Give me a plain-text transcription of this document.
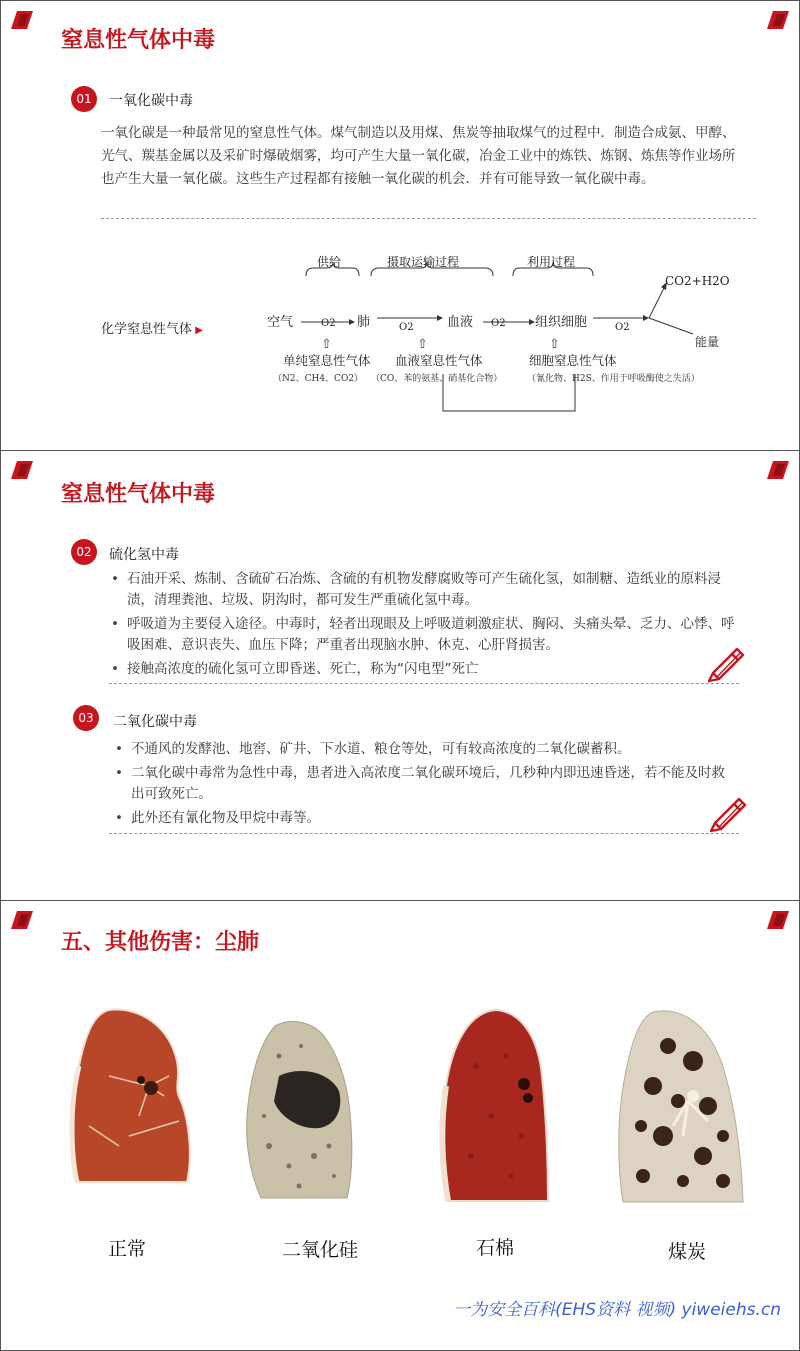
窒息性气体中毒
01	一氧化碳中毒
一氧化碳是一种最常见的窒息性气体。煤气制造以及用煤、焦炭等抽取煤气的过程中．制造合成氨、甲醇、光气、羰基金属以及采矿时爆破烟雾，均可产生大量一氧化碳，冶金工业中的炼铁、炼钢、炼焦等作业场所也产生大量一氧化碳。这些生产过程都有接触一氧化碳的机会．并有可能导致一氧化碳中毒。
化学窒息性气体 ▶
供给	摄取运输过程	利用过程
空气	O2 肺	O2	血液 O2 组织细胞	O2
CO2+H2O
能量
⇧	⇧	⇧
单纯窒息性气体
（N2、CH4、CO2）
血液窒息性气体
（CO、苯的氨基、硝基化合物）
细胞窒息性气体
（氰化物、H2S、作用于呼吸酶使之失活）
窒息性气体中毒
02	硫化氢中毒
• 石油开采、炼制、含硫矿石冶炼、含硫的有机物发酵腐败等可产生硫化氢，如制糖、造纸业的原料浸渍，清理粪池、垃圾、阴沟时，都可发生严重硫化氢中毒。
• 呼吸道为主要侵入途径。中毒时，轻者出现眼及上呼吸道刺激症状、胸闷、头痛头晕、乏力、心悸、呼吸困难、意识丧失、血压下降；严重者出现脑水肿、休克、心肝肾损害。
• 接触高浓度的硫化氢可立即昏迷、死亡，称为“闪电型”死亡
03	二氧化碳中毒
• 不通风的发酵池、地窖、矿井、下水道、粮仓等处，可有较高浓度的二氧化碳蓄积。
• 二氧化碳中毒常为急性中毒，患者进入高浓度二氧化碳环境后，几秒种内即迅速昏迷，若不能及时救出可致死亡。
• 此外还有氰化物及甲烷中毒等。
五、其他伤害：尘肺
正常	二氧化硅	石棉	煤炭
一为安全百科(EHS资料 视频) yiweiehs.cn
